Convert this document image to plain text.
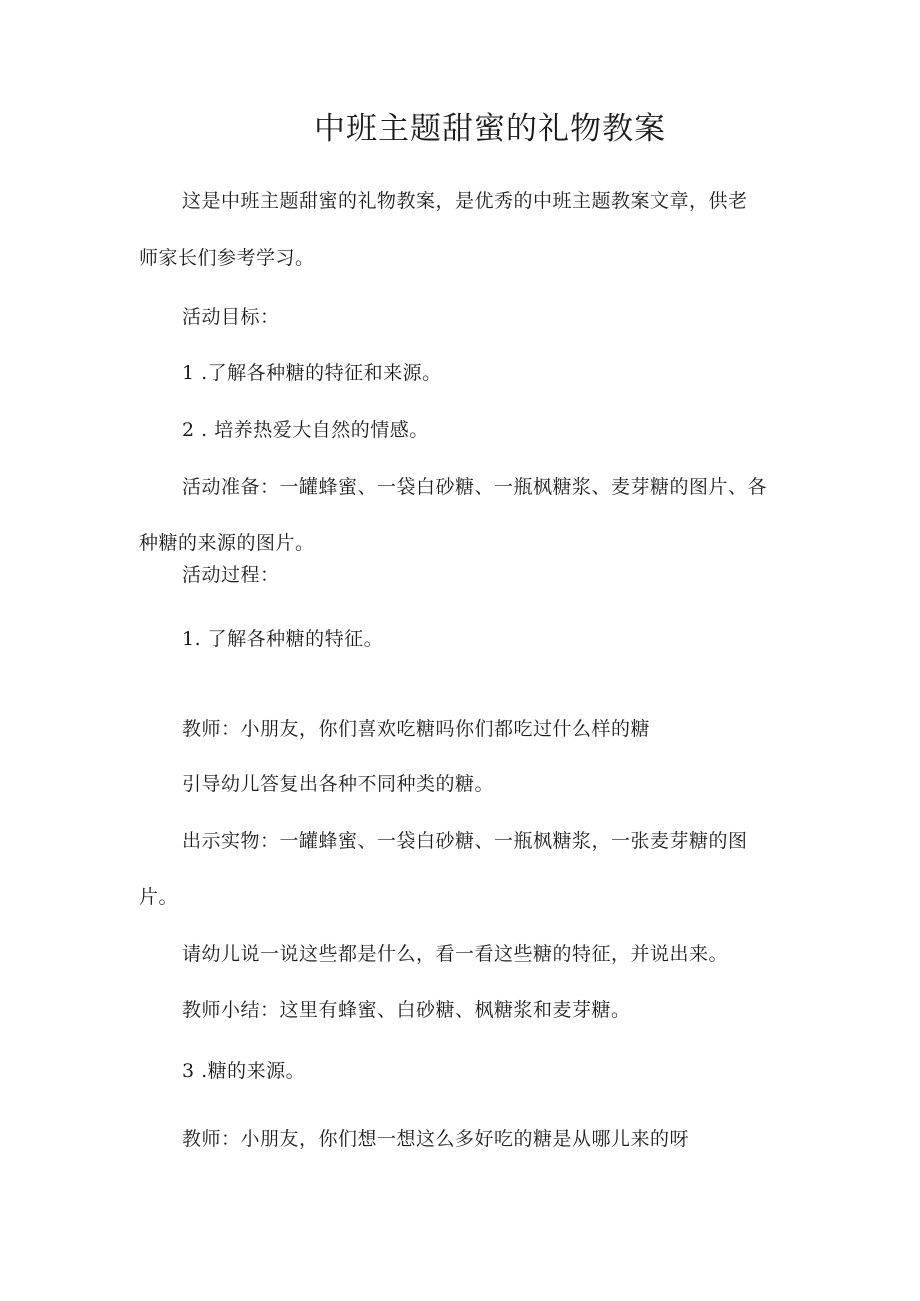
中班主题甜蜜的礼物教案
这是中班主题甜蜜的礼物教案，是优秀的中班主题教案文章，供老
师家长们参考学习。
活动目标：
1 .了解各种糖的特征和来源。
2 . 培养热爱大自然的情感。
活动准备：一罐蜂蜜、一袋白砂糖、一瓶枫糖浆、麦芽糖的图片、各
种糖的来源的图片。
活动过程：
1. 了解各种糖的特征。
教师：小朋友，你们喜欢吃糖吗你们都吃过什么样的糖
引导幼儿答复出各种不同种类的糖。
出示实物：一罐蜂蜜、一袋白砂糖、一瓶枫糖浆，一张麦芽糖的图
片。
请幼儿说一说这些都是什么，看一看这些糖的特征，并说出来。
教师小结：这里有蜂蜜、白砂糖、枫糖浆和麦芽糖。
3 .糖的来源。
教师：小朋友，你们想一想这么多好吃的糖是从哪儿来的呀
